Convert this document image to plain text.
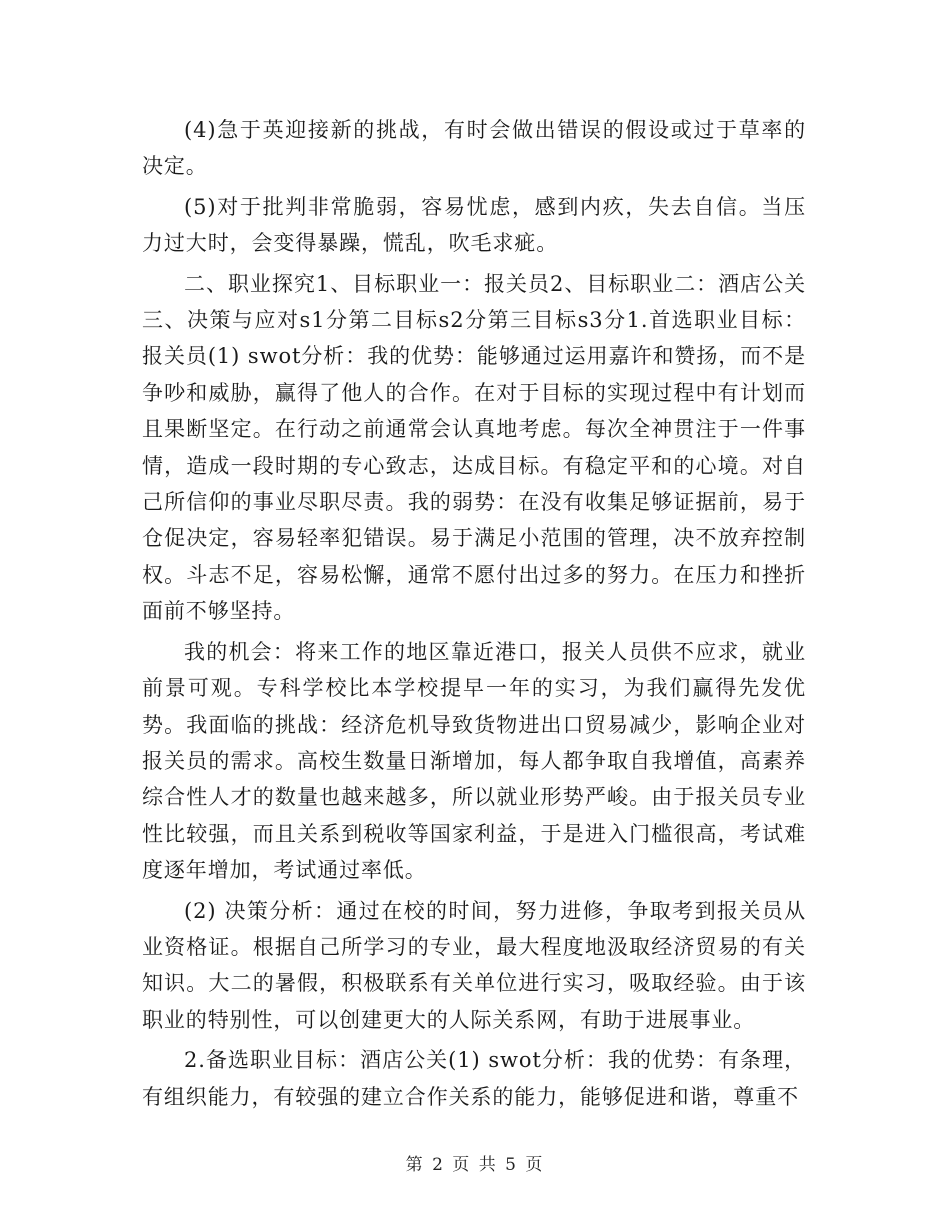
(4)急于英迎接新的挑战，有时会做出错误的假设或过于草率的决定。

(5)对于批判非常脆弱，容易忧虑，感到内疚，失去自信。当压力过大时，会变得暴躁，慌乱，吹毛求疵。

二、职业探究1、目标职业一：报关员2、目标职业二：酒店公关三、决策与应对s1分第二目标s2分第三目标s3分1.首选职业目标：报关员(1) swot分析：我的优势：能够通过运用嘉许和赞扬，而不是争吵和威胁，赢得了他人的合作。在对于目标的实现过程中有计划而且果断坚定。在行动之前通常会认真地考虑。每次全神贯注于一件事情，造成一段时期的专心致志，达成目标。有稳定平和的心境。对自己所信仰的事业尽职尽责。我的弱势：在没有收集足够证据前，易于仓促决定，容易轻率犯错误。易于满足小范围的管理，决不放弃控制权。斗志不足，容易松懈，通常不愿付出过多的努力。在压力和挫折面前不够坚持。

我的机会：将来工作的地区靠近港口，报关人员供不应求，就业前景可观。专科学校比本学校提早一年的实习，为我们赢得先发优势。我面临的挑战：经济危机导致货物进出口贸易减少，影响企业对报关员的需求。高校生数量日渐增加，每人都争取自我增值，高素养综合性人才的数量也越来越多，所以就业形势严峻。由于报关员专业性比较强，而且关系到税收等国家利益，于是进入门槛很高，考试难度逐年增加，考试通过率低。

(2) 决策分析：通过在校的时间，努力进修，争取考到报关员从业资格证。根据自己所学习的专业，最大程度地汲取经济贸易的有关知识。大二的暑假，积极联系有关单位进行实习，吸取经验。由于该职业的特别性，可以创建更大的人际关系网，有助于进展事业。

2.备选职业目标：酒店公关(1) swot分析：我的优势：有条理，有组织能力，有较强的建立合作关系的能力，能够促进和谐，尊重不

第 2 页 共 5 页
